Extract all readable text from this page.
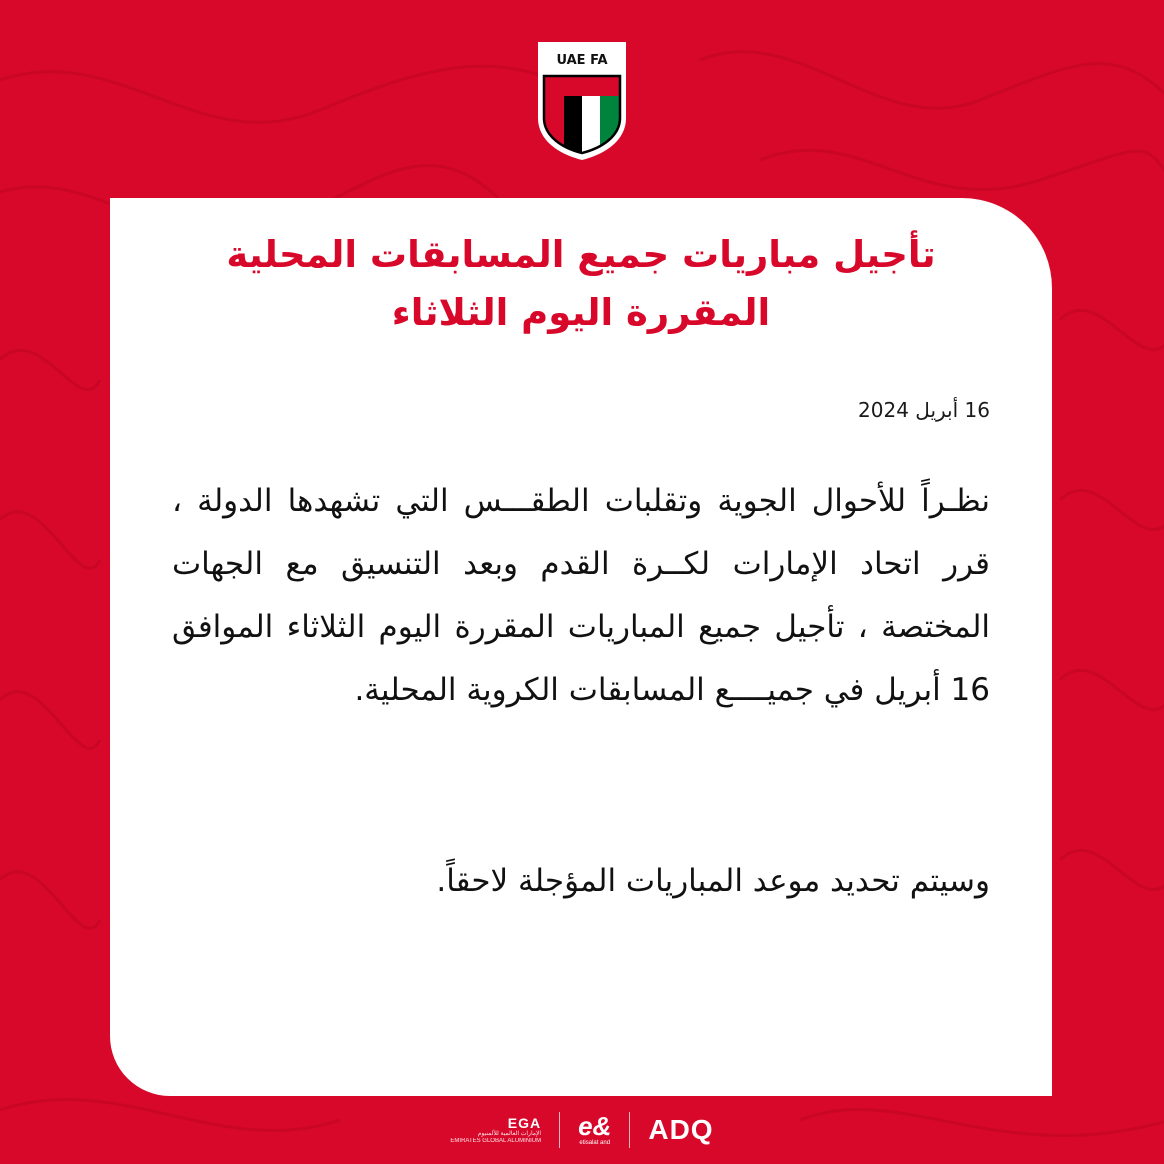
UAE FA
تأجيل مباريات جميع المسابقات المحلية
المقررة اليوم الثلاثاء
16 أبريل 2024
نظـراً للأحوال الجوية وتقلبات الطقـــس التي تشهدها الدولة ، قرر اتحاد الإمارات لكــرة القدم وبعد التنسيق مع الجهات المختصة ، تأجيل جميع المباريات المقررة اليوم الثلاثاء الموافق 16 أبريل في جميــــع المسابقات الكروية المحلية.
وسيتم تحديد موعد المباريات المؤجلة لاحقاً.
EGA
الإمارات العالمية للألمنيوم
EMIRATES GLOBAL ALUMINIUM e&
etisalat and ADQ
